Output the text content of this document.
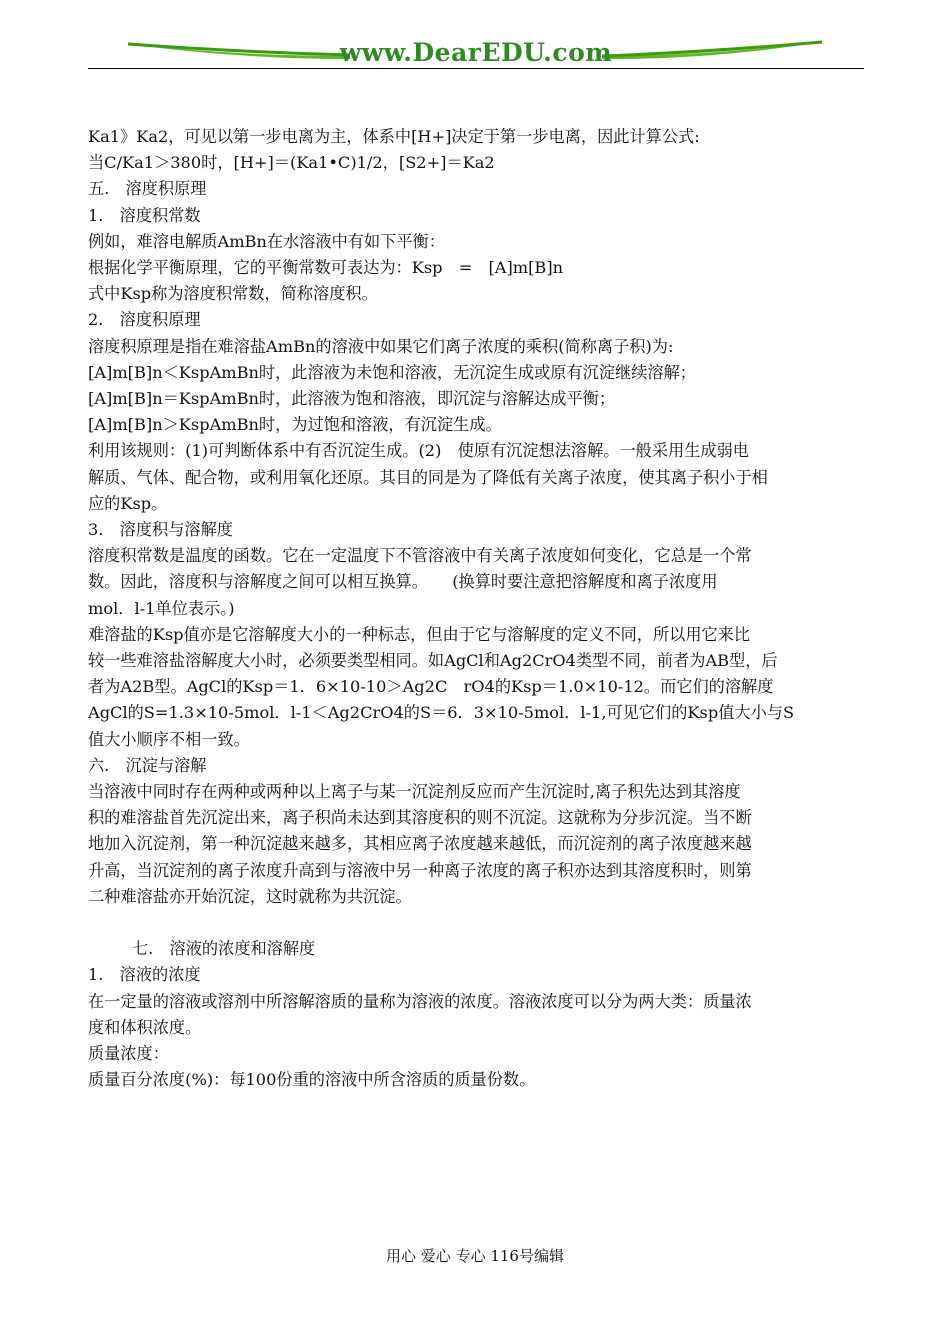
www.DearEDU.com

Ka1》Ka2，可见以第一步电离为主，体系中[H+]决定于第一步电离，因此计算公式:

当C/Ka1＞380时，[H+]＝(Ka1•C)1/2，[S2+]＝Ka2

五.　溶度积原理

1.　溶度积常数

例如，难溶电解质AmBn在水溶液中有如下平衡：

根据化学平衡原理，它的平衡常数可表达为：Ksp　=　[A]m[B]n

式中Ksp称为溶度积常数，简称溶度积。

2.　溶度积原理

溶度积原理是指在难溶盐AmBn的溶液中如果它们离子浓度的乘积(简称离子积)为:

[A]m[B]n＜KspAmBn时，此溶液为未饱和溶液，无沉淀生成或原有沉淀继续溶解；

[A]m[B]n＝KspAmBn时，此溶液为饱和溶液，即沉淀与溶解达成平衡；

[A]m[B]n＞KspAmBn时，为过饱和溶液，有沉淀生成。

利用该规则：(1)可判断体系中有否沉淀生成。(2)　使原有沉淀想法溶解。一般采用生成弱电

解质、气体、配合物，或利用氧化还原。其目的同是为了降低有关离子浓度，使其离子积小于相

应的Ksp。

3.　溶度积与溶解度

溶度积常数是温度的函数。它在一定温度下不管溶液中有关离子浓度如何变化，它总是一个常

数。因此，溶度积与溶解度之间可以相互换算。　　(换算时要注意把溶解度和离子浓度用

mol．l-1单位表示。)

难溶盐的Ksp值亦是它溶解度大小的一种标志，但由于它与溶解度的定义不同，所以用它来比

较一些难溶盐溶解度大小时，必须要类型相同。如AgCl和Ag2CrO4类型不同，前者为AB型，后

者为A2B型。AgCl的Ksp＝1．6×10-10＞Ag2C　rO4的Ksp＝1.0×10-12。而它们的溶解度

AgCl的S=1.3×10-5mol．l-1＜Ag2CrO4的S＝6．3×10-5mol．l-1,可见它们的Ksp值大小与S

值大小顺序不相一致。

六.　沉淀与溶解

当溶液中同时存在两种或两种以上离子与某一沉淀剂反应而产生沉淀时,离子积先达到其溶度

积的难溶盐首先沉淀出来，离子积尚未达到其溶度积的则不沉淀。这就称为分步沉淀。当不断

地加入沉淀剂，第一种沉淀越来越多，其相应离子浓度越来越低，而沉淀剂的离子浓度越来越

升高，当沉淀剂的离子浓度升高到与溶液中另一种离子浓度的离子积亦达到其溶度积时，则第

二种难溶盐亦开始沉淀，这时就称为共沉淀。

七.　溶液的浓度和溶解度

1.　溶液的浓度

在一定量的溶液或溶剂中所溶解溶质的量称为溶液的浓度。溶液浓度可以分为两大类：质量浓

度和体积浓度。

质量浓度：

质量百分浓度(%)：每100份重的溶液中所含溶质的质量份数。

用心 爱心 专心 116号编辑
